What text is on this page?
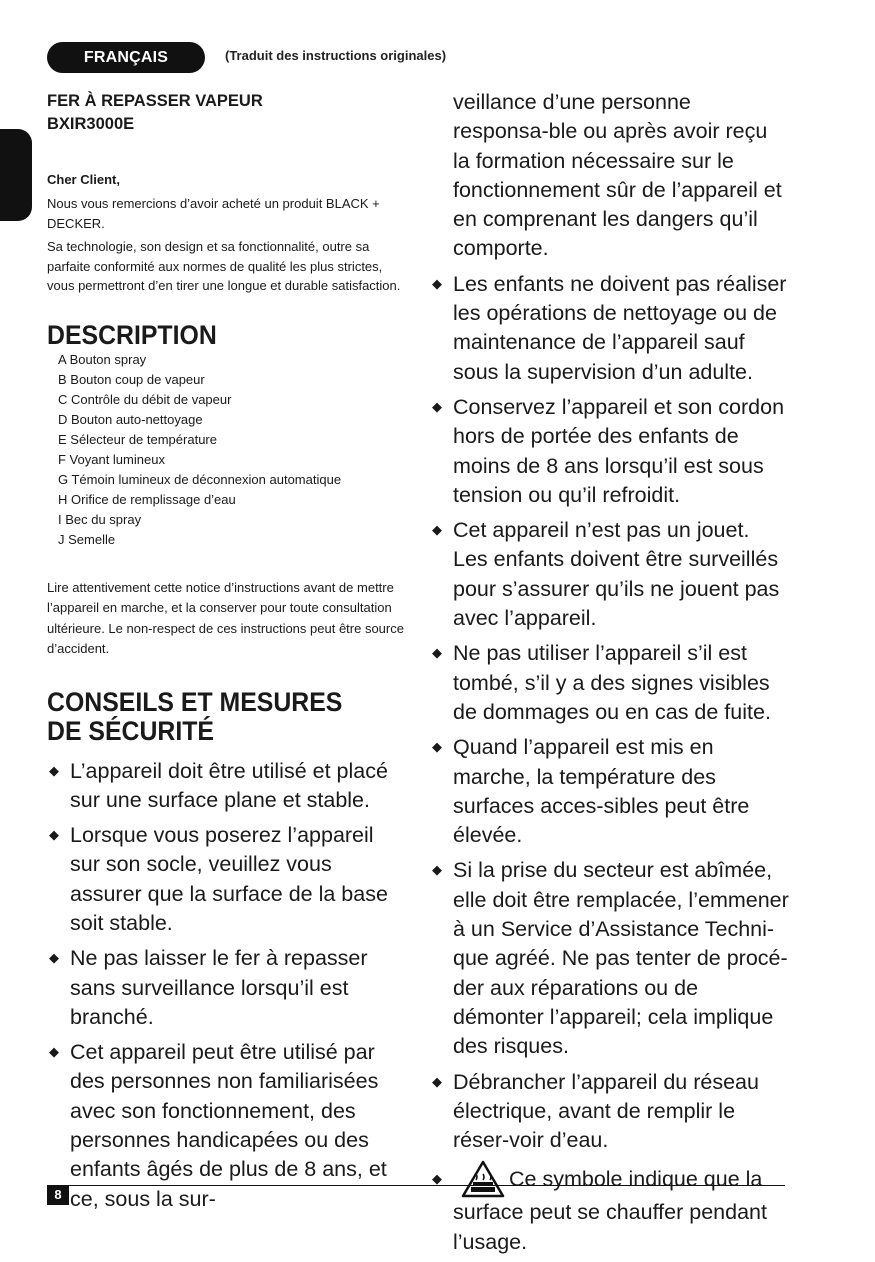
FRANÇAIS	(Traduit des instructions originales)

FER À REPASSER VAPEUR

BXIR3000E

Cher Client,

Nous vous remercions d’avoir acheté un produit BLACK + DECKER.

Sa technologie, son design et sa fonctionnalité, outre sa parfaite conformité aux normes de qualité les plus strictes, vous permettront d’en tirer une longue et durable satisfaction.

DESCRIPTION
A Bouton spray
B Bouton coup de vapeur
C Contrôle du débit de vapeur
D Bouton auto-nettoyage
E Sélecteur de température
F Voyant lumineux
G Témoin lumineux de déconnexion automatique
H Orifice de remplissage d’eau
I Bec du spray
J Semelle

Lire attentivement cette notice d’instructions avant de mettre l’appareil en marche, et la conserver pour toute consultation ultérieure. Le non-respect de ces instructions peut être source d’accident.

CONSEILS ET MESURES DE SÉCURITÉ
◆ L’appareil doit être utilisé et placé sur une surface plane et stable.
◆ Lorsque vous poserez l’appareil sur son socle, veuillez vous assurer que la surface de la base soit stable.
◆ Ne pas laisser le fer à repasser sans surveillance lorsqu’il est branché.
◆ Cet appareil peut être utilisé par des personnes non familiarisées avec son fonctionnement, des personnes handicapées ou des enfants âgés de plus de 8 ans, et ce, sous la sur-

veillance d’une personne responsa-ble ou après avoir reçu la formation nécessaire sur le fonctionnement sûr de l’appareil et en comprenant les dangers qu’il comporte.

◆ Les enfants ne doivent pas réaliser les opérations de nettoyage ou de maintenance de l’appareil sauf sous la supervision d’un adulte.
◆ Conservez l’appareil et son cordon hors de portée des enfants de moins de 8 ans lorsqu’il est sous tension ou qu’il refroidit.
◆ Cet appareil n’est pas un jouet. Les enfants doivent être surveillés pour s’assurer qu’ils ne jouent pas avec l’appareil.
◆ Ne pas utiliser l’appareil s’il est tombé, s’il y a des signes visibles de dommages ou en cas de fuite.
◆ Quand l’appareil est mis en marche, la température des surfaces acces-sibles peut être élevée.
◆ Si la prise du secteur est abîmée, elle doit être remplacée, l’emmener à un Service d’Assistance Techni-que agréé. Ne pas tenter de procé-der aux réparations ou de démonter l’appareil; cela implique des risques.
◆ Débrancher l’appareil du réseau électrique, avant de remplir le réser-voir d’eau.
◆	Ce symbole indique que la surface peut se chauffer pendant l’usage.
8
